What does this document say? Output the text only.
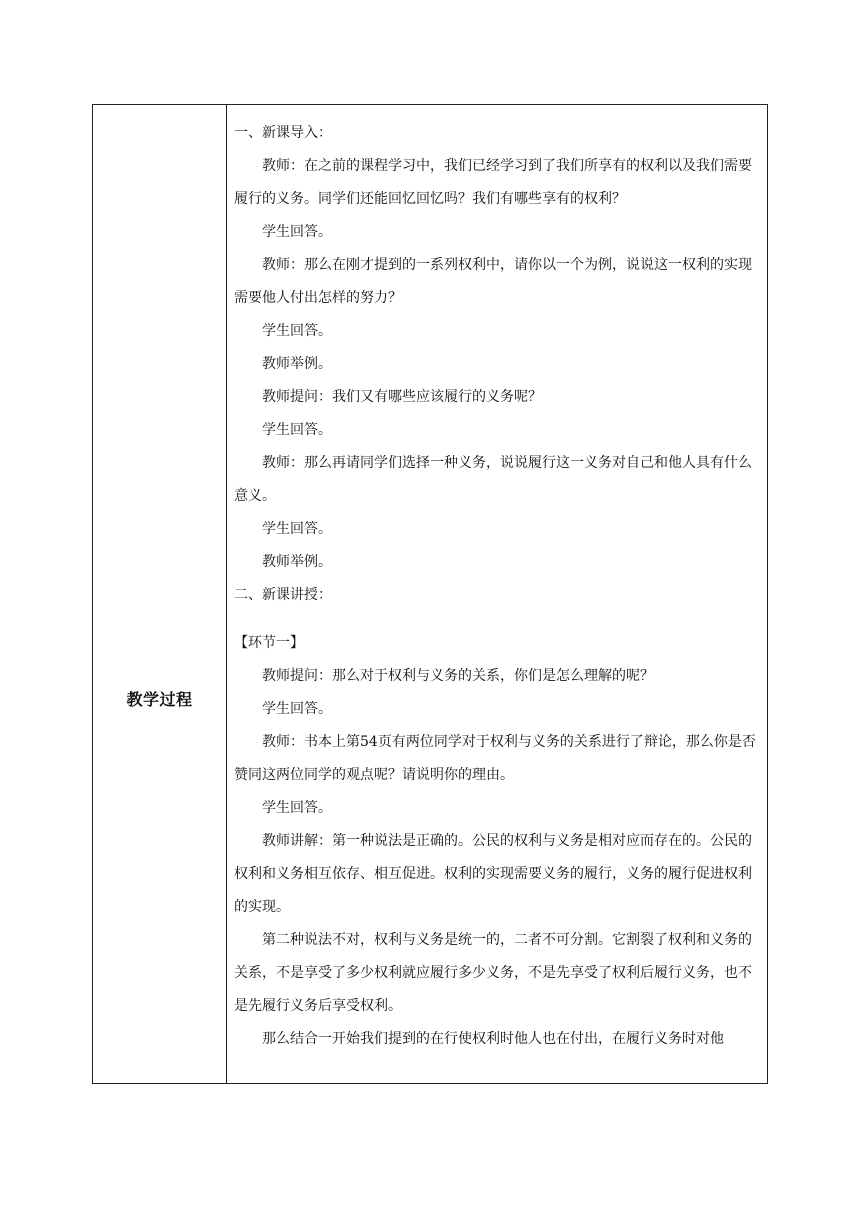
教学过程

一、新课导入：

教师：在之前的课程学习中，我们已经学习到了我们所享有的权利以及我们需要履行的义务。同学们还能回忆回忆吗？我们有哪些享有的权利？

学生回答。

教师：那么在刚才提到的一系列权利中，请你以一个为例，说说这一权利的实现需要他人付出怎样的努力？

学生回答。

教师举例。

教师提问：我们又有哪些应该履行的义务呢？

学生回答。

教师：那么再请同学们选择一种义务，说说履行这一义务对自己和他人具有什么意义。

学生回答。

教师举例。

二、新课讲授：

【环节一】

教师提问：那么对于权利与义务的关系，你们是怎么理解的呢？

学生回答。

教师：书本上第54页有两位同学对于权利与义务的关系进行了辩论，那么你是否赞同这两位同学的观点呢？请说明你的理由。

学生回答。

教师讲解：第一种说法是正确的。公民的权利与义务是相对应而存在的。公民的权利和义务相互依存、相互促进。权利的实现需要义务的履行，义务的履行促进权利的实现。

第二种说法不对，权利与义务是统一的，二者不可分割。它割裂了权利和义务的关系，不是享受了多少权利就应履行多少义务，不是先享受了权利后履行义务，也不是先履行义务后享受权利。

那么结合一开始我们提到的在行使权利时他人也在付出，在履行义务时对他
